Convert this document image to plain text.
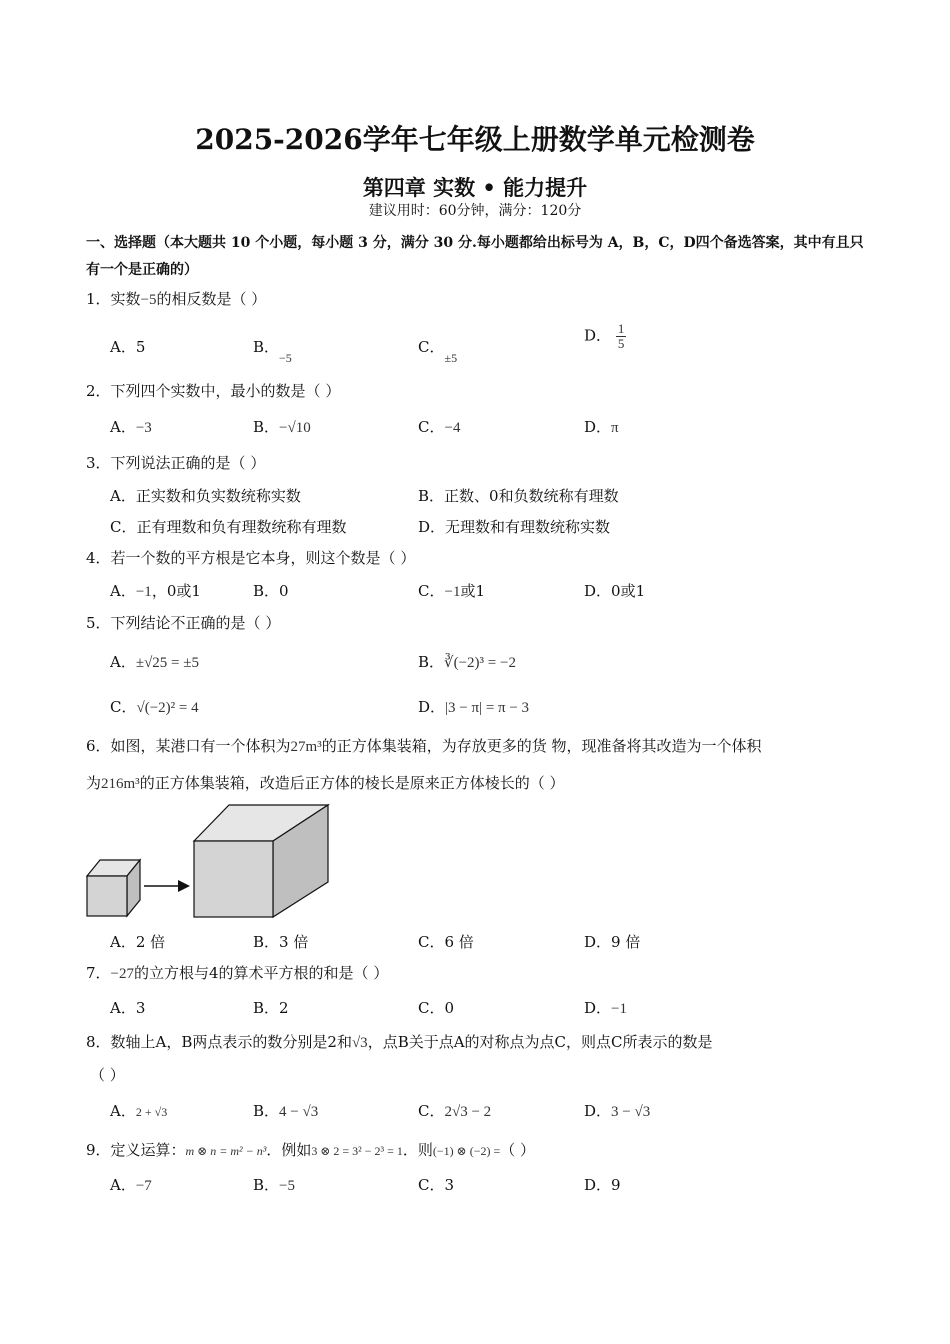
2025-2026学年七年级上册数学单元检测卷
第四章 实数 • 能力提升
建议用时：60分钟，满分：120分
一、选择题（本大题共 10 个小题，每小题 3 分，满分 30 分.每小题都给出标号为 A，B，C，D四个备选答案，其中有且只有一个是正确的）
1．实数−5的相反数是（ ）
A．5	B．$_{-5}$
C．$_{\pm 5}$
D． $\frac{1}{5}$
2．下列四个实数中，最小的数是（ ）
A．−3	B．−√10	C．−4	D．π
3．下列说法正确的是（ ）
A．正实数和负实数统称实数	B．正数、0和负数统称有理数
C．正有理数和负有理数统称有理数	D．无理数和有理数统称实数
4．若一个数的平方根是它本身，则这个数是（ ）
A．−1，0或1	B．0	C．−1或1	D．0或1
5．下列结论不正确的是（ ）
A．±√25 = ±5	B．∛(−2)³ = −2
C．√(−2)² = 4	D．|3 − π| = π − 3
6．如图，某港口有一个体积为27m³的正方体集装箱，为存放更多的货 物，现准备将其改造为一个体积
为216m³的正方体集装箱，改造后正方体的棱长是原来正方体棱长的（ ）
A．2 倍	B．3 倍	C．6 倍	D．9 倍
7．−27的立方根与4的算术平方根的和是（ ）
A．3	B．2	C．0	D．−1
8．数轴上A，B两点表示的数分别是2和√3，点B关于点A的对称点为点C，则点C所表示的数是
（ ）
A．2 + √3	B．4 − √3	C．2√3 − 2	D．3 − √3
9．定义运算：m ⊗ n = m² − n³．例如3 ⊗ 2 = 3² − 2³ = 1．则(−1) ⊗ (−2) =（ ）
A．−7	B．−5	C．3	D．9
